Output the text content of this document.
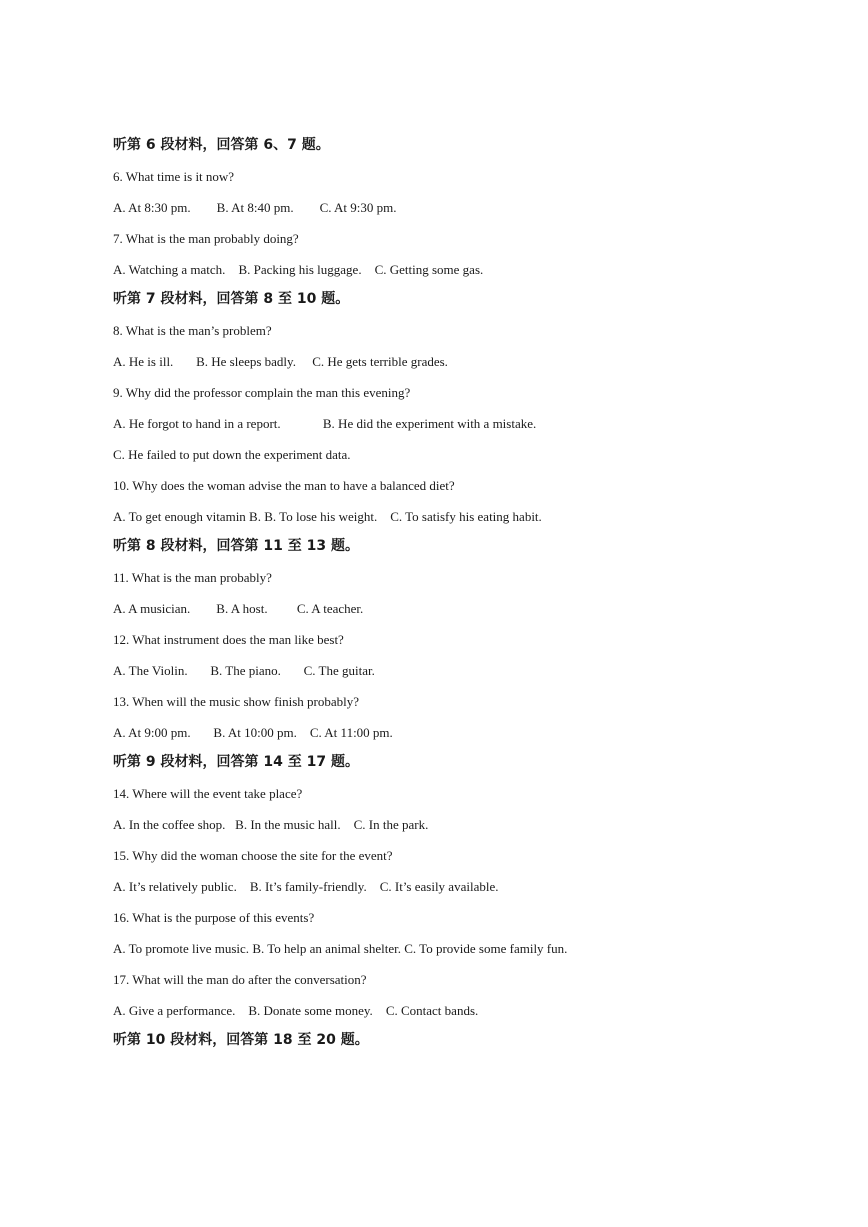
听第 6 段材料，回答第 6、7 题。
6. What time is it now?
A. At 8:30 pm. B. At 8:40 pm. C. At 9:30 pm.
7. What is the man probably doing?
A. Watching a match. B. Packing his luggage. C. Getting some gas.
听第 7 段材料，回答第 8 至 10 题。
8. What is the man’s problem?
A. He is ill. B. He sleeps badly. C. He gets terrible grades.
9. Why did the professor complain the man this evening?
A. He forgot to hand in a report.	B. He did the experiment with a mistake.
C. He failed to put down the experiment data.
10. Why does the woman advise the man to have a balanced diet?
A. To get enough vitamin B. B. To lose his weight. C. To satisfy his eating habit.
听第 8 段材料，回答第 11 至 13 题。
11. What is the man probably?
A. A musician. B. A host. C. A teacher.
12. What instrument does the man like best?
A. The Violin. B. The piano. C. The guitar.
13. When will the music show finish probably?
A. At 9:00 pm. B. At 10:00 pm. C. At 11:00 pm.
听第 9 段材料，回答第 14 至 17 题。
14. Where will the event take place?
A. In the coffee shop. B. In the music hall. C. In the park.
15. Why did the woman choose the site for the event?
A. It’s relatively public. B. It’s family-friendly. C. It’s easily available.
16. What is the purpose of this events?
A. To promote live music. B. To help an animal shelter. C. To provide some family fun.
17. What will the man do after the conversation?
A. Give a performance. B. Donate some money. C. Contact bands.
听第 10 段材料，回答第 18 至 20 题。
